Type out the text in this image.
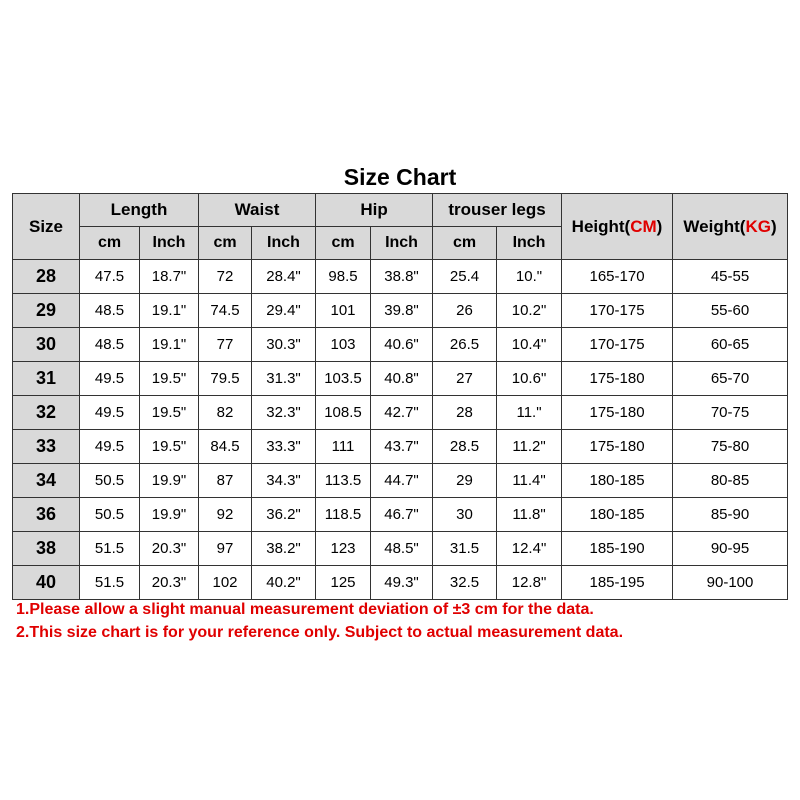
Size Chart
Size	Length		Waist		Hip		trouser legs		Height(CM)	Weight(KG)
	cm	Inch	cm	Inch	cm	Inch	cm	Inch		
28	47.5	18.7"	72	28.4"	98.5	38.8"	25.4	10."	165-170	45-55
29	48.5	19.1"	74.5	29.4"	101	39.8"	26	10.2"	170-175	55-60
30	48.5	19.1"	77	30.3"	103	40.6"	26.5	10.4"	170-175	60-65
31	49.5	19.5"	79.5	31.3"	103.5	40.8"	27	10.6"	175-180	65-70
32	49.5	19.5"	82	32.3"	108.5	42.7"	28	11."	175-180	70-75
33	49.5	19.5"	84.5	33.3"	111	43.7"	28.5	11.2"	175-180	75-80
34	50.5	19.9"	87	34.3"	113.5	44.7"	29	11.4"	180-185	80-85
36	50.5	19.9"	92	36.2"	118.5	46.7"	30	11.8"	180-185	85-90
38	51.5	20.3"	97	38.2"	123	48.5"	31.5	12.4"	185-190	90-95
40	51.5	20.3"	102	40.2"	125	49.3"	32.5	12.8"	185-195	90-100
1.Please allow a slight manual measurement deviation of ±3 cm for the data.
2.This size chart is for your reference only. Subject to actual measurement data.
